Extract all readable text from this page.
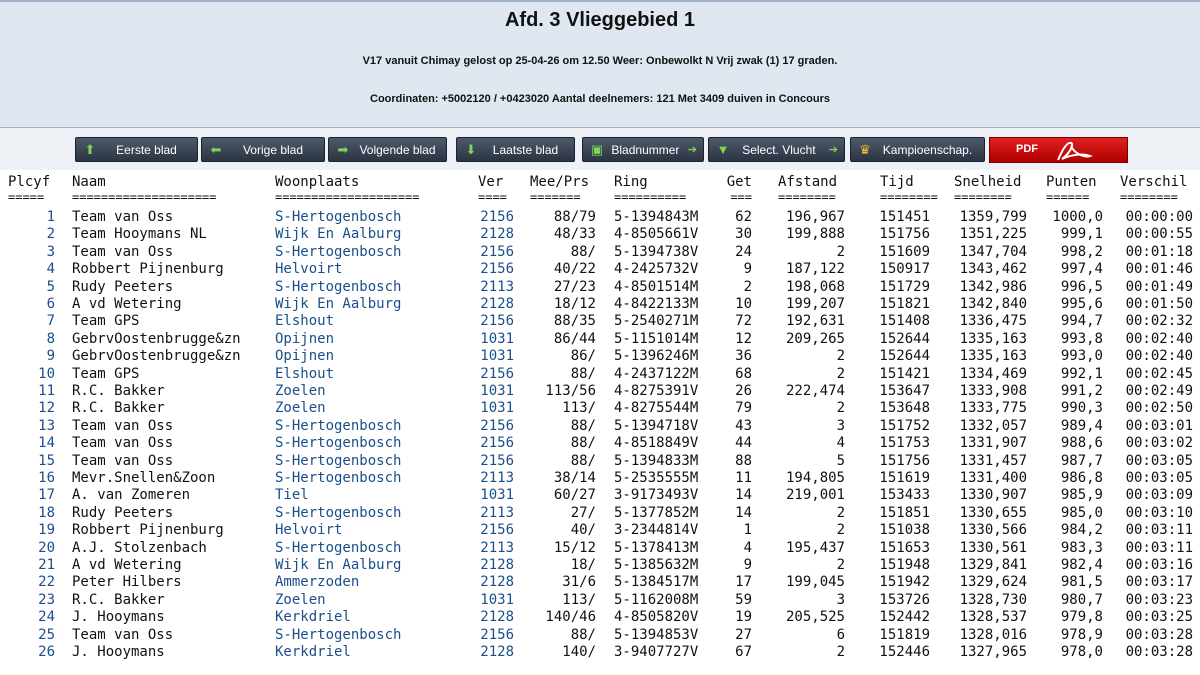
Afd. 3 Vlieggebied 1
V17 vanuit Chimay gelost op 25-04-26 om 12.50 Weer: Onbewolkt N Vrij zwak (1) 17 graden.
Coordinaten: +5002120 / +0423020 Aantal deelnemers: 121 Met 3409 duiven in Concours
⬆	Eerste blad	⬅	Vorige blad	➡ Volgende blad	⬇	Laatste blad	▣ Bladnummer ➔ ▼	Select. Vlucht	➔ ♛ Kampioenschap.	PDF
Plcyf	Naam	Woonplaats	Ver	Mee/Prs	Ring	Get Afstand	Tijd	Snelheid	Punten	Verschil
=====	====================	====================	====	=======	==========	=== ========	======== ========	======	========
1 Team van Oss	S-Hertogenbosch	2156	88/79 5-1394843M	62	196,967	151451	1359,799	1000,0	00:00:00
2 Team Hooymans NL	Wijk En Aalburg	2128	48/33 4-8505661V	30	199,888	151756	1351,225	999,1	00:00:55
3 Team van Oss	S-Hertogenbosch	2156	88/ 5-1394738V	24	2	151609	1347,704	998,2	00:01:18
4 Robbert Pijnenburg	Helvoirt	2156	40/22 4-2425732V	9	187,122	150917	1343,462	997,4	00:01:46
5 Rudy Peeters	S-Hertogenbosch	2113	27/23 4-8501514M	2	198,068	151729	1342,986	996,5	00:01:49
6 A vd Wetering	Wijk En Aalburg	2128	18/12 4-8422133M	10	199,207	151821	1342,840	995,6	00:01:50
7 Team GPS	Elshout	2156	88/35 5-2540271M	72	192,631	151408	1336,475	994,7	00:02:32
8 GebrvOostenbrugge&zn	Opijnen	1031	86/44 5-1151014M	12	209,265	152644	1335,163	993,8	00:02:40
9 GebrvOostenbrugge&zn	Opijnen	1031	86/ 5-1396246M	36	2	152644	1335,163	993,0	00:02:40
10 Team GPS	Elshout	2156	88/ 4-2437122M	68	2	151421	1334,469	992,1	00:02:45
11 R.C. Bakker	Zoelen	1031	113/56 4-8275391V	26	222,474	153647	1333,908	991,2	00:02:49
12 R.C. Bakker	Zoelen	1031	113/ 4-8275544M	79	2	153648	1333,775	990,3	00:02:50
13 Team van Oss	S-Hertogenbosch	2156	88/ 5-1394718V	43	3	151752	1332,057	989,4	00:03:01
14 Team van Oss	S-Hertogenbosch	2156	88/ 4-8518849V	44	4	151753	1331,907	988,6	00:03:02
15 Team van Oss	S-Hertogenbosch	2156	88/ 5-1394833M	88	5	151756	1331,457	987,7	00:03:05
16 Mevr.Snellen&Zoon	S-Hertogenbosch	2113	38/14 5-2535555M	11	194,805	151619	1331,400	986,8	00:03:05
17 A. van Zomeren	Tiel	1031	60/27 3-9173493V	14	219,001	153433	1330,907	985,9	00:03:09
18 Rudy Peeters	S-Hertogenbosch	2113	27/ 5-1377852M	14	2	151851	1330,655	985,0	00:03:10
19 Robbert Pijnenburg	Helvoirt	2156	40/ 3-2344814V	1	2	151038	1330,566	984,2	00:03:11
20 A.J. Stolzenbach	S-Hertogenbosch	2113	15/12 5-1378413M	4	195,437	151653	1330,561	983,3	00:03:11
21 A vd Wetering	Wijk En Aalburg	2128	18/ 5-1385632M	9	2	151948	1329,841	982,4	00:03:16
22 Peter Hilbers	Ammerzoden	2128	31/6 5-1384517M	17	199,045	151942	1329,624	981,5	00:03:17
23 R.C. Bakker	Zoelen	1031	113/ 5-1162008M	59	3	153726	1328,730	980,7	00:03:23
24 J. Hooymans	Kerkdriel	2128	140/46 4-8505820V	19	205,525	152442	1328,537	979,8	00:03:25
25 Team van Oss	S-Hertogenbosch	2156	88/ 5-1394853V	27	6	151819	1328,016	978,9	00:03:28
26 J. Hooymans	Kerkdriel	2128	140/ 3-9407727V	67	2	152446	1327,965	978,0	00:03:28
